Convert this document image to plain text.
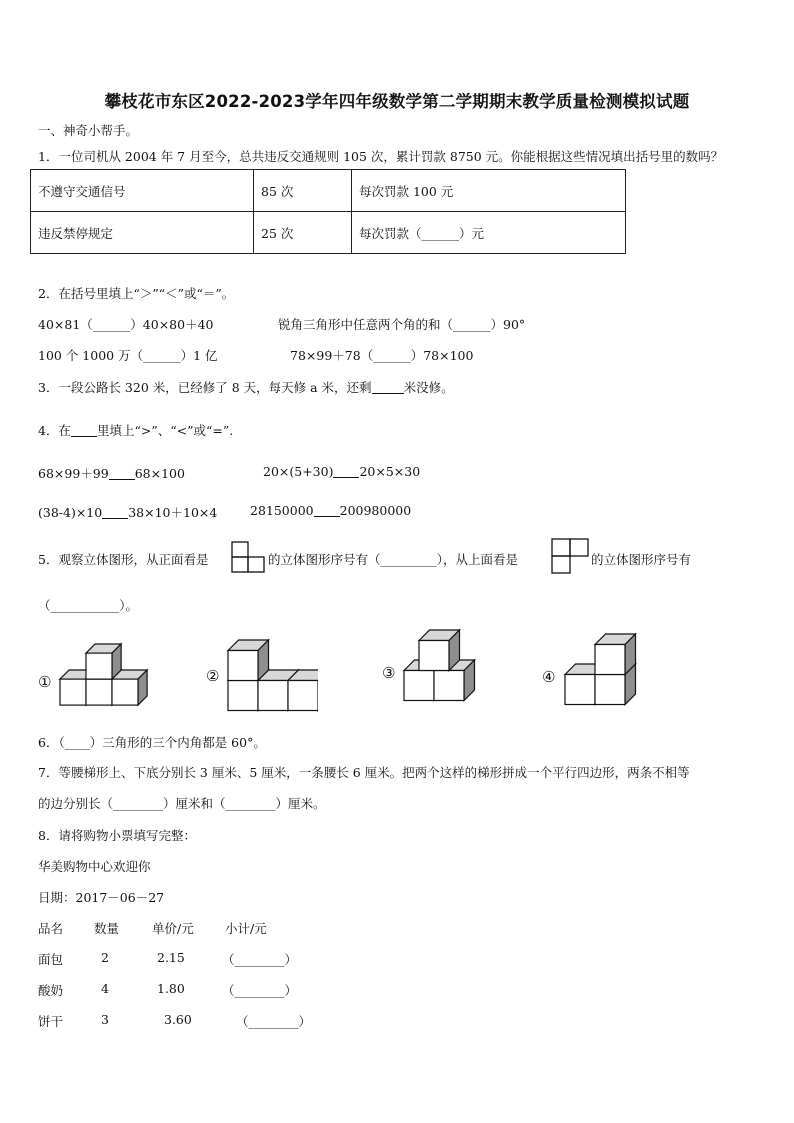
攀枝花市东区2022-2023学年四年级数学第二学期期末教学质量检测模拟试题
一、神奇小帮手。
1．一位司机从 2004 年 7 月至今，总共违反交通规则 105 次，累计罚款 8750 元。你能根据这些情况填出括号里的数吗？
不遵守交通信号	85 次	每次罚款 100 元
违反禁停规定	25 次	每次罚款（______）元
2．在括号里填上“＞”“＜”或“＝”。
40×81（______）40×80＋40	锐角三角形中任意两个角的和（______）90°
100 个 1000 万（______）1 亿	78×99＋78（______）78×100
3．一段公路长 320 米，已经修了 8 天，每天修 a 米，还剩	米没修。
4．在 里填上“>”、“<”或“=”.
68×99＋99 68×100	20×(5+30) 20×5×30
(38-4)×10 38×10＋10×4	28150000 200980000
5．观察立体图形，从正面看是	的立体图形序号有（_________），从上面看是	的立体图形序号有
（___________）。
①	②	③	④
6．（____）三角形的三个内角都是 60°。
7．等腰梯形上、下底分别长 3 厘米、5 厘米，一条腰长 6 厘米。把两个这样的梯形拼成一个平行四边形，两条不相等
的边分别长（________）厘米和（________）厘米。
8．请将购物小票填写完整：
华美购物中心欢迎你
日期：2017－06－27
品名 数量	单价/元	小计/元
面包	2	2.15	（________）
酸奶	4	1.80	（________）
饼干	3	3.60	（________）
